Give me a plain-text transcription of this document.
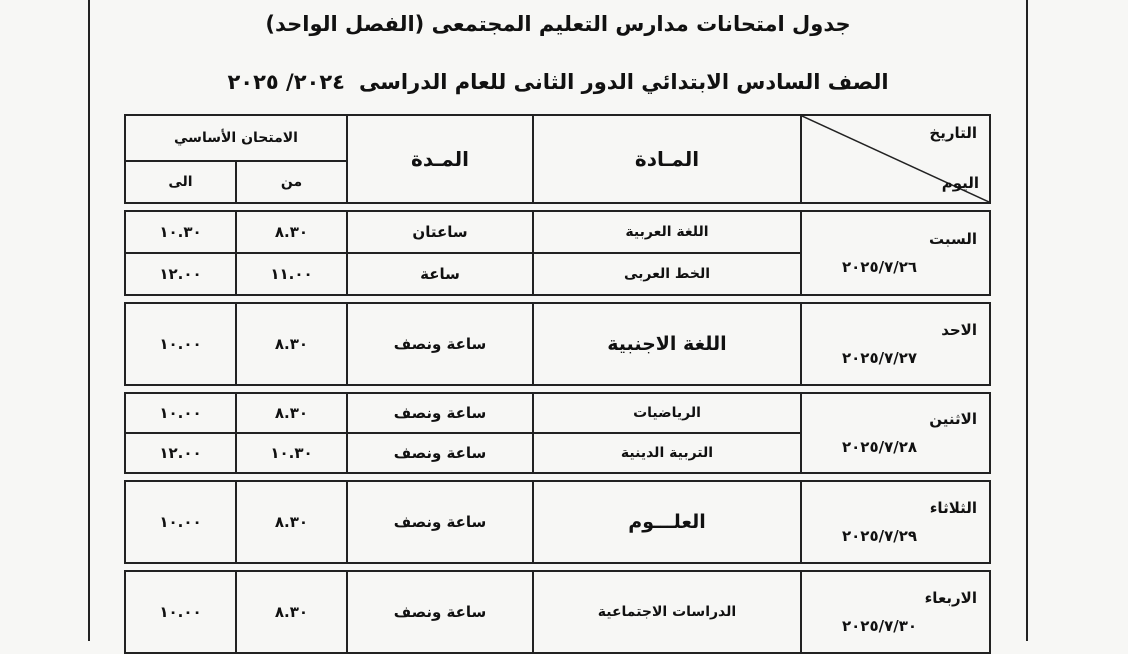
جدول امتحانات مدارس التعليم المجتمعى (الفصل الواحد)
الصف السادس الابتدائي الدور الثانى للعام الدراسى٢٠٢٤/ ٢٠٢٥
الامتحان الأساسي		المـدة	المـادة	التاريخ
اليوم

الى	من			

١٠.٣٠	٨.٣٠	ساعتان	اللغة العربية	السبت
٢٠٢٥/٧/٢٦

١٢.٠٠	١١.٠٠	ساعة	الخط العربى	

١٠.٠٠	٨.٣٠	ساعة ونصف	اللغة الاجنبية	الاحد
٢٠٢٥/٧/٢٧

١٠.٠٠	٨.٣٠	ساعة ونصف	الرياضيات	الاثنين
٢٠٢٥/٧/٢٨

١٢.٠٠	١٠.٣٠	ساعة ونصف	التربية الدينية	

١٠.٠٠	٨.٣٠	ساعة ونصف	العلـــوم	الثلاثاء
٢٠٢٥/٧/٢٩

١٠.٠٠	٨.٣٠	ساعة ونصف	الدراسات الاجتماعية	الاربعاء
٢٠٢٥/٧/٣٠
